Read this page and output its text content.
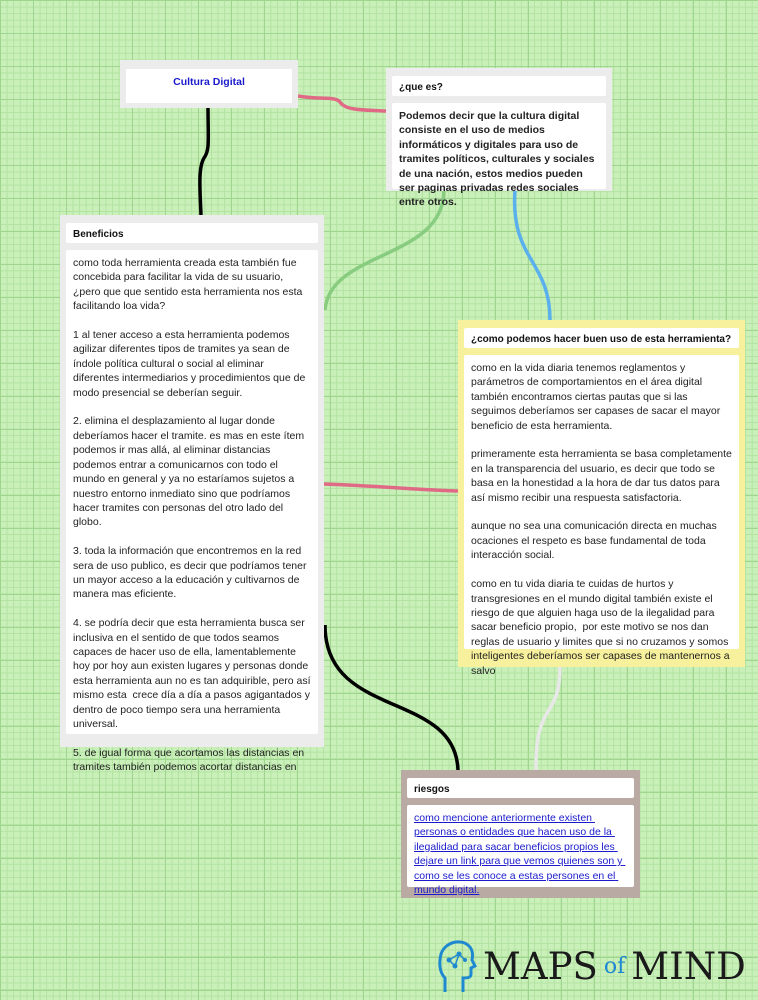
Cultura Digital	¿que es?
Podemos decir que la cultura digital consiste en el uso de medios informáticos y digitales para uso de tramites políticos, culturales y sociales de una nación, estos medios pueden ser paginas privadas redes sociales entre otros.
Beneficios
como toda herramienta creada esta también fue concebida para facilitar la vida de su usuario, ¿pero que que sentido esta herramienta nos esta facilitando loa vida?

1 al tener acceso a esta herramienta podemos agilizar diferentes tipos de tramites ya sean de índole política cultural o social al eliminar diferentes intermediarios y procedimientos que de modo presencial se deberían seguir.

2. elimina el desplazamiento al lugar donde deberíamos hacer el tramite. es mas en este ítem podemos ir mas allá, al eliminar distancias podemos entrar a comunicarnos con todo el mundo en general y ya no estaríamos sujetos a nuestro entorno inmediato sino que podríamos hacer tramites con personas del otro lado del globo.

3. toda la información que encontremos en la red sera de uso publico, es decir que podríamos tener un mayor acceso a la educación y cultivarnos de manera mas eficiente.

4. se podría decir que esta herramienta busca ser inclusiva en el sentido de que todos seamos capaces de hacer uso de ella, lamentablemente hoy por hoy aun existen lugares y personas donde esta herramienta aun no es tan adquirible, pero así mismo esta  crece día a día a pasos agigantados y dentro de poco tiempo sera una herramienta universal.

5. de igual forma que acortamos las distancias en tramites también podemos acortar distancias en
¿como podemos hacer buen uso de esta herramienta?
como en la vida diaria tenemos reglamentos y parámetros de comportamientos en el área digital también encontramos ciertas pautas que si las seguimos deberíamos ser capases de sacar el mayor beneficio de esta herramienta.

primeramente esta herramienta se basa completamente en la transparencia del usuario, es decir que todo se basa en la honestidad a la hora de dar tus datos para así mismo recibir una respuesta satisfactoria.

aunque no sea una comunicación directa en muchas ocaciones el respeto es base fundamental de toda interacción social.

como en tu vida diaria te cuidas de hurtos y transgresiones en el mundo digital también existe el riesgo de que alguien haga uso de la ilegalidad para sacar beneficio propio,  por este motivo se nos dan reglas de usuario y limites que si no cruzamos y somos inteligentes deberíamos ser capases de mantenernos a salvo
riesgos
como mencione anteriormente existen personas o entidades que hacen uso de la ilegalidad para sacar beneficios propios les dejare un link para que vemos quienes son y como se les conoce a estas persones en el mundo digital.
MAPS of MIND
